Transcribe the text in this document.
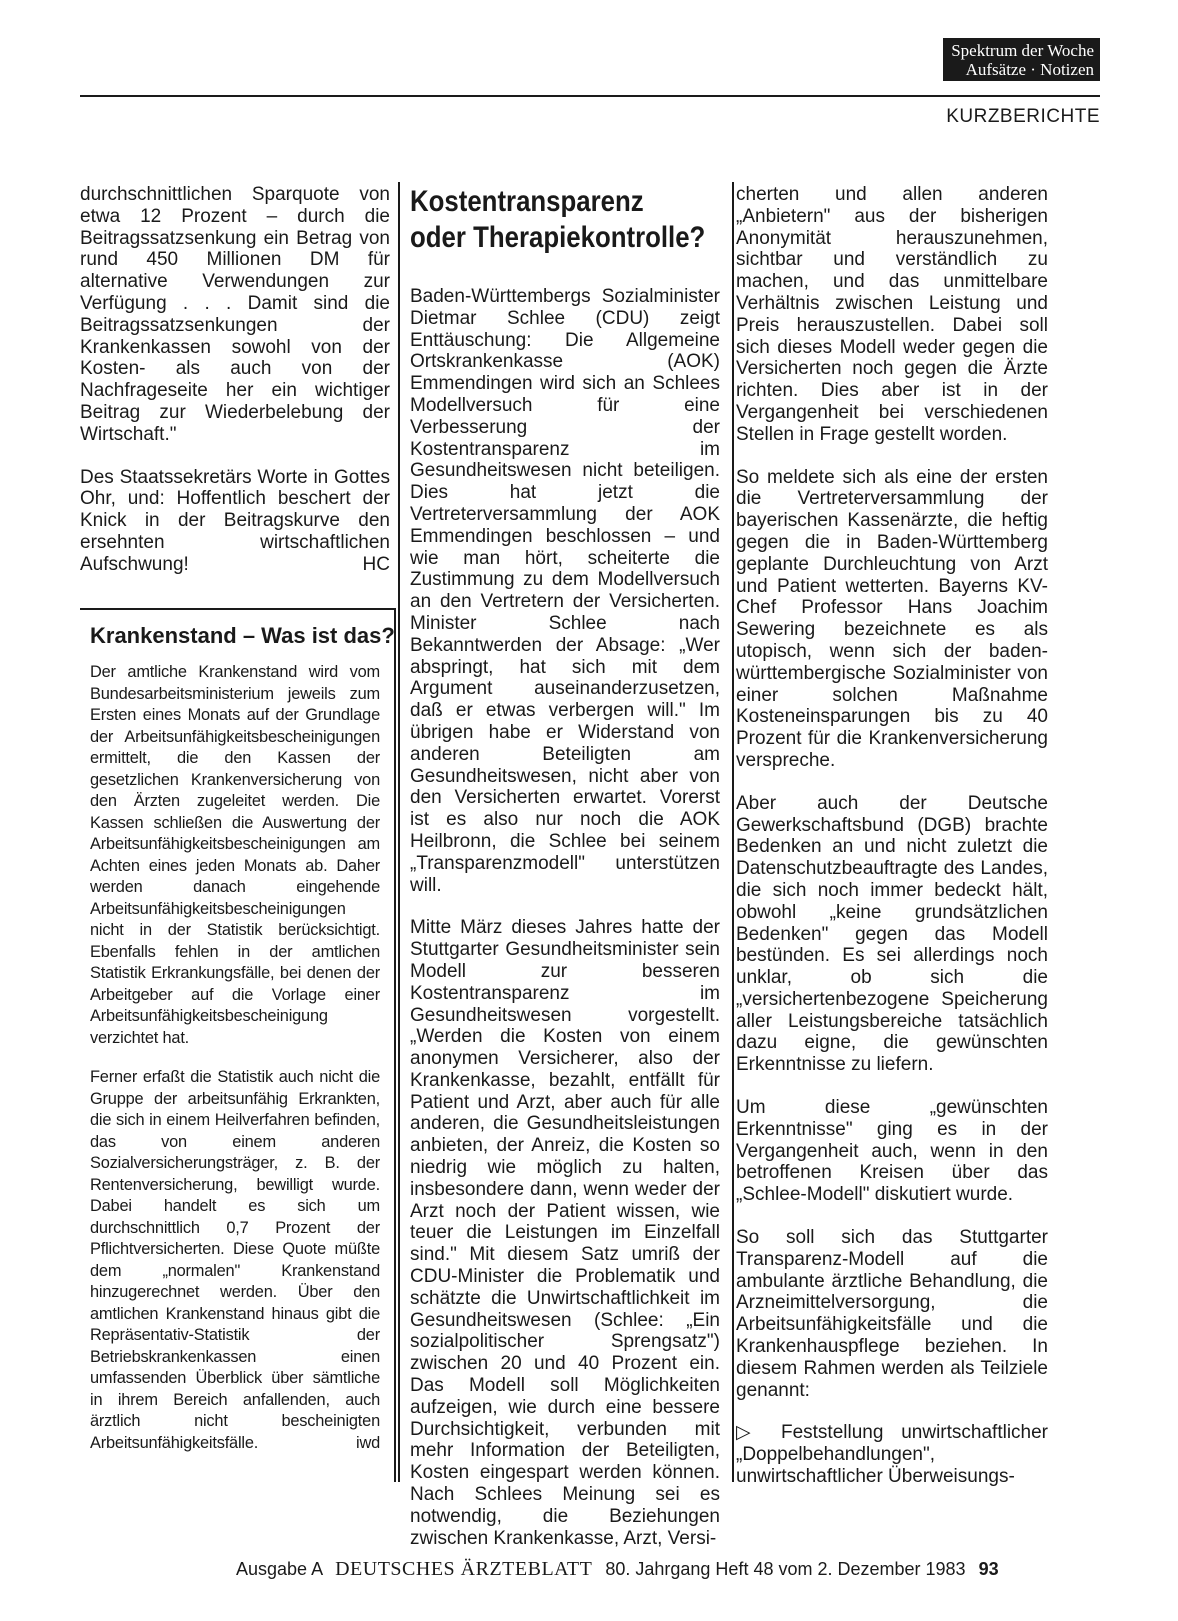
Spektrum der Woche
Aufsätze · Notizen
KURZBERICHTE

durchschnittlichen Sparquote von etwa 12 Prozent – durch die Beitragssatzsenkung ein Betrag von rund 450 Millionen DM für alternative Verwendungen zur Verfügung . . . Damit sind die Beitragssatzsenkungen der Krankenkassen sowohl von der Kosten- als auch von der Nachfrageseite her ein wichtiger Beitrag zur Wiederbelebung der Wirtschaft."

Des Staatssekretärs Worte in Gottes Ohr, und: Hoffentlich beschert der Knick in der Beitragskurve den ersehnten wirtschaftlichen Aufschwung!	HC

Krankenstand – Was ist das?

Der amtliche Krankenstand wird vom Bundesarbeitsministerium jeweils zum Ersten eines Monats auf der Grundlage der Arbeitsunfähigkeitsbescheinigungen ermittelt, die den Kassen der gesetzlichen Krankenversicherung von den Ärzten zugeleitet werden. Die Kassen schließen die Auswertung der Arbeitsunfähigkeitsbescheinigungen am Achten eines jeden Monats ab. Daher werden danach eingehende Arbeitsunfähigkeitsbescheinigungen nicht in der Statistik berücksichtigt. Ebenfalls fehlen in der amtlichen Statistik Erkrankungsfälle, bei denen der Arbeitgeber auf die Vorlage einer Arbeitsunfähigkeitsbescheinigung verzichtet hat.

Ferner erfaßt die Statistik auch nicht die Gruppe der arbeitsunfähig Erkrankten, die sich in einem Heilverfahren befinden, das von einem anderen Sozialversicherungsträger, z. B. der Rentenversicherung, bewilligt wurde. Dabei handelt es sich um durchschnittlich 0,7 Prozent der Pflichtversicherten. Diese Quote müßte dem „normalen" Krankenstand hinzugerechnet werden. Über den amtlichen Krankenstand hinaus gibt die Repräsentativ-Statistik der Betriebskrankenkassen einen umfassenden Überblick über sämtliche in ihrem Bereich anfallenden, auch ärztlich nicht bescheinigten Arbeitsunfähigkeitsfälle.	iwd

Kostentransparenz
oder Therapiekontrolle?

Baden-Württembergs Sozialminister Dietmar Schlee (CDU) zeigt Enttäuschung: Die Allgemeine Ortskrankenkasse (AOK) Emmendingen wird sich an Schlees Modellversuch für eine Verbesserung der Kostentransparenz im Gesundheitswesen nicht beteiligen. Dies hat jetzt die Vertreterversammlung der AOK Emmendingen beschlossen – und wie man hört, scheiterte die Zustimmung zu dem Modellversuch an den Vertretern der Versicherten. Minister Schlee nach Bekanntwerden der Absage: „Wer abspringt, hat sich mit dem Argument auseinanderzusetzen, daß er etwas verbergen will." Im übrigen habe er Widerstand von anderen Beteiligten am Gesundheitswesen, nicht aber von den Versicherten erwartet. Vorerst ist es also nur noch die AOK Heilbronn, die Schlee bei seinem „Transparenzmodell" unterstützen will.

Mitte März dieses Jahres hatte der Stuttgarter Gesundheitsminister sein Modell zur besseren Kostentransparenz im Gesundheitswesen vorgestellt. „Werden die Kosten von einem anonymen Versicherer, also der Krankenkasse, bezahlt, entfällt für Patient und Arzt, aber auch für alle anderen, die Gesundheitsleistungen anbieten, der Anreiz, die Kosten so niedrig wie möglich zu halten, insbesondere dann, wenn weder der Arzt noch der Patient wissen, wie teuer die Leistungen im Einzelfall sind." Mit diesem Satz umriß der CDU-Minister die Problematik und schätzte die Unwirtschaftlichkeit im Gesundheitswesen (Schlee: „Ein sozialpolitischer Sprengsatz") zwischen 20 und 40 Prozent ein. Das Modell soll Möglichkeiten aufzeigen, wie durch eine bessere Durchsichtigkeit, verbunden mit mehr Information der Beteiligten, Kosten eingespart werden können. Nach Schlees Meinung sei es notwendig, die Beziehungen zwischen Krankenkasse, Arzt, Versi-

cherten und allen anderen „Anbietern" aus der bisherigen Anonymität herauszunehmen, sichtbar und verständlich zu machen, und das unmittelbare Verhältnis zwischen Leistung und Preis herauszustellen. Dabei soll sich dieses Modell weder gegen die Versicherten noch gegen die Ärzte richten. Dies aber ist in der Vergangenheit bei verschiedenen Stellen in Frage gestellt worden.

So meldete sich als eine der ersten die Vertreterversammlung der bayerischen Kassenärzte, die heftig gegen die in Baden-Württemberg geplante Durchleuchtung von Arzt und Patient wetterten. Bayerns KV-Chef Professor Hans Joachim Sewering bezeichnete es als utopisch, wenn sich der baden-württembergische Sozialminister von einer solchen Maßnahme Kosteneinsparungen bis zu 40 Prozent für die Krankenversicherung verspreche.

Aber auch der Deutsche Gewerkschaftsbund (DGB) brachte Bedenken an und nicht zuletzt die Datenschutzbeauftragte des Landes, die sich noch immer bedeckt hält, obwohl „keine grundsätzlichen Bedenken" gegen das Modell bestünden. Es sei allerdings noch unklar, ob sich die „versichertenbezogene Speicherung aller Leistungsbereiche tatsächlich dazu eigne, die gewünschten Erkenntnisse zu liefern.

Um diese „gewünschten Erkenntnisse" ging es in der Vergangenheit auch, wenn in den betroffenen Kreisen über das „Schlee-Modell" diskutiert wurde.

So soll sich das Stuttgarter Transparenz-Modell auf die ambulante ärztliche Behandlung, die Arzneimittelversorgung, die Arbeitsunfähigkeitsfälle und die Krankenhauspflege beziehen. In diesem Rahmen werden als Teilziele genannt:

▷ Feststellung unwirtschaftlicher „Doppelbehandlungen", unwirtschaftlicher Überweisungs-

Ausgabe A DEUTSCHES ÄRZTEBLATT 80. Jahrgang Heft 48 vom 2. Dezember 1983 93
